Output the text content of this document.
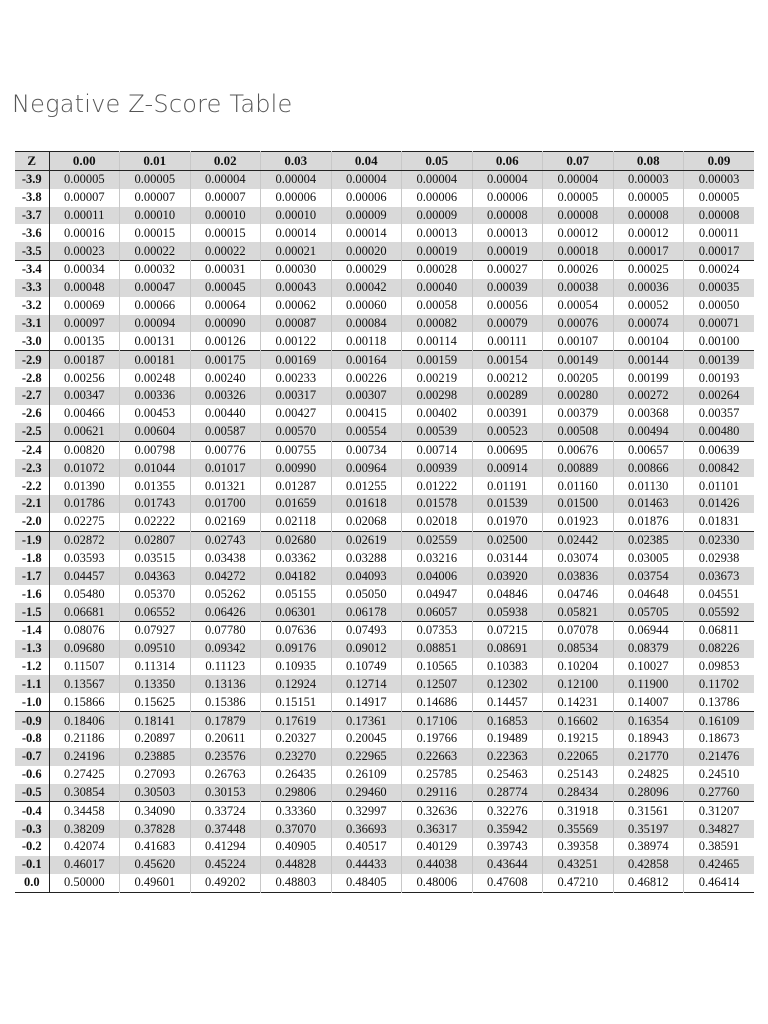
Negative Z-Score Table
Z	0.00	0.01	0.02	0.03	0.04	0.05	0.06	0.07	0.08	0.09
-3.9	0.00005	0.00005	0.00004	0.00004	0.00004	0.00004	0.00004	0.00004	0.00003	0.00003
-3.8	0.00007	0.00007	0.00007	0.00006	0.00006	0.00006	0.00006	0.00005	0.00005	0.00005
-3.7	0.00011	0.00010	0.00010	0.00010	0.00009	0.00009	0.00008	0.00008	0.00008	0.00008
-3.6	0.00016	0.00015	0.00015	0.00014	0.00014	0.00013	0.00013	0.00012	0.00012	0.00011
-3.5	0.00023	0.00022	0.00022	0.00021	0.00020	0.00019	0.00019	0.00018	0.00017	0.00017
-3.4	0.00034	0.00032	0.00031	0.00030	0.00029	0.00028	0.00027	0.00026	0.00025	0.00024
-3.3	0.00048	0.00047	0.00045	0.00043	0.00042	0.00040	0.00039	0.00038	0.00036	0.00035
-3.2	0.00069	0.00066	0.00064	0.00062	0.00060	0.00058	0.00056	0.00054	0.00052	0.00050
-3.1	0.00097	0.00094	0.00090	0.00087	0.00084	0.00082	0.00079	0.00076	0.00074	0.00071
-3.0	0.00135	0.00131	0.00126	0.00122	0.00118	0.00114	0.00111	0.00107	0.00104	0.00100
-2.9	0.00187	0.00181	0.00175	0.00169	0.00164	0.00159	0.00154	0.00149	0.00144	0.00139
-2.8	0.00256	0.00248	0.00240	0.00233	0.00226	0.00219	0.00212	0.00205	0.00199	0.00193
-2.7	0.00347	0.00336	0.00326	0.00317	0.00307	0.00298	0.00289	0.00280	0.00272	0.00264
-2.6	0.00466	0.00453	0.00440	0.00427	0.00415	0.00402	0.00391	0.00379	0.00368	0.00357
-2.5	0.00621	0.00604	0.00587	0.00570	0.00554	0.00539	0.00523	0.00508	0.00494	0.00480
-2.4	0.00820	0.00798	0.00776	0.00755	0.00734	0.00714	0.00695	0.00676	0.00657	0.00639
-2.3	0.01072	0.01044	0.01017	0.00990	0.00964	0.00939	0.00914	0.00889	0.00866	0.00842
-2.2	0.01390	0.01355	0.01321	0.01287	0.01255	0.01222	0.01191	0.01160	0.01130	0.01101
-2.1	0.01786	0.01743	0.01700	0.01659	0.01618	0.01578	0.01539	0.01500	0.01463	0.01426
-2.0	0.02275	0.02222	0.02169	0.02118	0.02068	0.02018	0.01970	0.01923	0.01876	0.01831
-1.9	0.02872	0.02807	0.02743	0.02680	0.02619	0.02559	0.02500	0.02442	0.02385	0.02330
-1.8	0.03593	0.03515	0.03438	0.03362	0.03288	0.03216	0.03144	0.03074	0.03005	0.02938
-1.7	0.04457	0.04363	0.04272	0.04182	0.04093	0.04006	0.03920	0.03836	0.03754	0.03673
-1.6	0.05480	0.05370	0.05262	0.05155	0.05050	0.04947	0.04846	0.04746	0.04648	0.04551
-1.5	0.06681	0.06552	0.06426	0.06301	0.06178	0.06057	0.05938	0.05821	0.05705	0.05592
-1.4	0.08076	0.07927	0.07780	0.07636	0.07493	0.07353	0.07215	0.07078	0.06944	0.06811
-1.3	0.09680	0.09510	0.09342	0.09176	0.09012	0.08851	0.08691	0.08534	0.08379	0.08226
-1.2	0.11507	0.11314	0.11123	0.10935	0.10749	0.10565	0.10383	0.10204	0.10027	0.09853
-1.1	0.13567	0.13350	0.13136	0.12924	0.12714	0.12507	0.12302	0.12100	0.11900	0.11702
-1.0	0.15866	0.15625	0.15386	0.15151	0.14917	0.14686	0.14457	0.14231	0.14007	0.13786
-0.9	0.18406	0.18141	0.17879	0.17619	0.17361	0.17106	0.16853	0.16602	0.16354	0.16109
-0.8	0.21186	0.20897	0.20611	0.20327	0.20045	0.19766	0.19489	0.19215	0.18943	0.18673
-0.7	0.24196	0.23885	0.23576	0.23270	0.22965	0.22663	0.22363	0.22065	0.21770	0.21476
-0.6	0.27425	0.27093	0.26763	0.26435	0.26109	0.25785	0.25463	0.25143	0.24825	0.24510
-0.5	0.30854	0.30503	0.30153	0.29806	0.29460	0.29116	0.28774	0.28434	0.28096	0.27760
-0.4	0.34458	0.34090	0.33724	0.33360	0.32997	0.32636	0.32276	0.31918	0.31561	0.31207
-0.3	0.38209	0.37828	0.37448	0.37070	0.36693	0.36317	0.35942	0.35569	0.35197	0.34827
-0.2	0.42074	0.41683	0.41294	0.40905	0.40517	0.40129	0.39743	0.39358	0.38974	0.38591
-0.1	0.46017	0.45620	0.45224	0.44828	0.44433	0.44038	0.43644	0.43251	0.42858	0.42465
0.0	0.50000	0.49601	0.49202	0.48803	0.48405	0.48006	0.47608	0.47210	0.46812	0.46414
